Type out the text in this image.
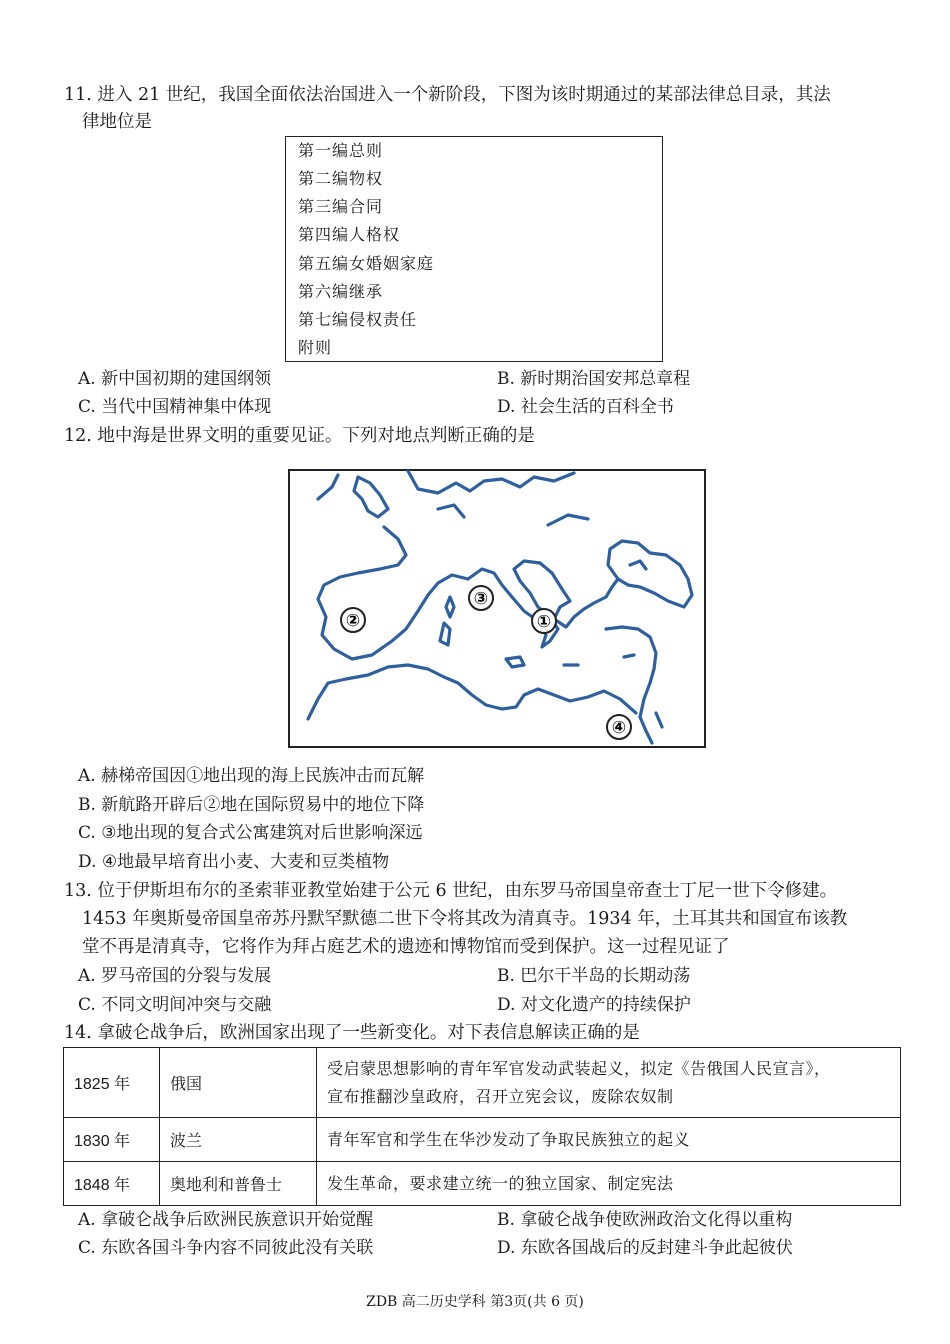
11. 进入 21 世纪，我国全面依法治国进入一个新阶段，下图为该时期通过的某部法律总目录，其法
律地位是
第一编总则
第二编物权
第三编合同
第四编人格权
第五编女婚姻家庭
第六编继承
第七编侵权责任
附则
A. 新中国初期的建国纲领	B. 新时期治国安邦总章程
C. 当代中国精神集中体现	D. 社会生活的百科全书
12. 地中海是世界文明的重要见证。下列对地点判断正确的是
①
②
③
④
A. 赫梯帝国因①地出现的海上民族冲击而瓦解
B. 新航路开辟后②地在国际贸易中的地位下降
C. ③地出现的复合式公寓建筑对后世影响深远
D. ④地最早培育出小麦、大麦和豆类植物
13. 位于伊斯坦布尔的圣索菲亚教堂始建于公元 6 世纪，由东罗马帝国皇帝查士丁尼一世下令修建。
1453 年奥斯曼帝国皇帝苏丹默罕默德二世下令将其改为清真寺。1934 年，土耳其共和国宣布该教
堂不再是清真寺，它将作为拜占庭艺术的遗迹和博物馆而受到保护。这一过程见证了
A. 罗马帝国的分裂与发展	B. 巴尔干半岛的长期动荡
C. 不同文明间冲突与交融	D. 对文化遗产的持续保护
14. 拿破仑战争后，欧洲国家出现了一些新变化。对下表信息解读正确的是
1825 年	俄国	受启蒙思想影响的青年军官发动武装起义，拟定《告俄国人民宣言》，
宣布推翻沙皇政府，召开立宪会议，废除农奴制

1830 年	波兰	青年军官和学生在华沙发动了争取民族独立的起义
1848 年	奥地利和普鲁士	发生革命，要求建立统一的独立国家、制定宪法
A. 拿破仑战争后欧洲民族意识开始觉醒	B. 拿破仑战争使欧洲政治文化得以重构
C. 东欧各国斗争内容不同彼此没有关联	D. 东欧各国战后的反封建斗争此起彼伏
ZDB 高二历史学科 第3页(共 6 页)
